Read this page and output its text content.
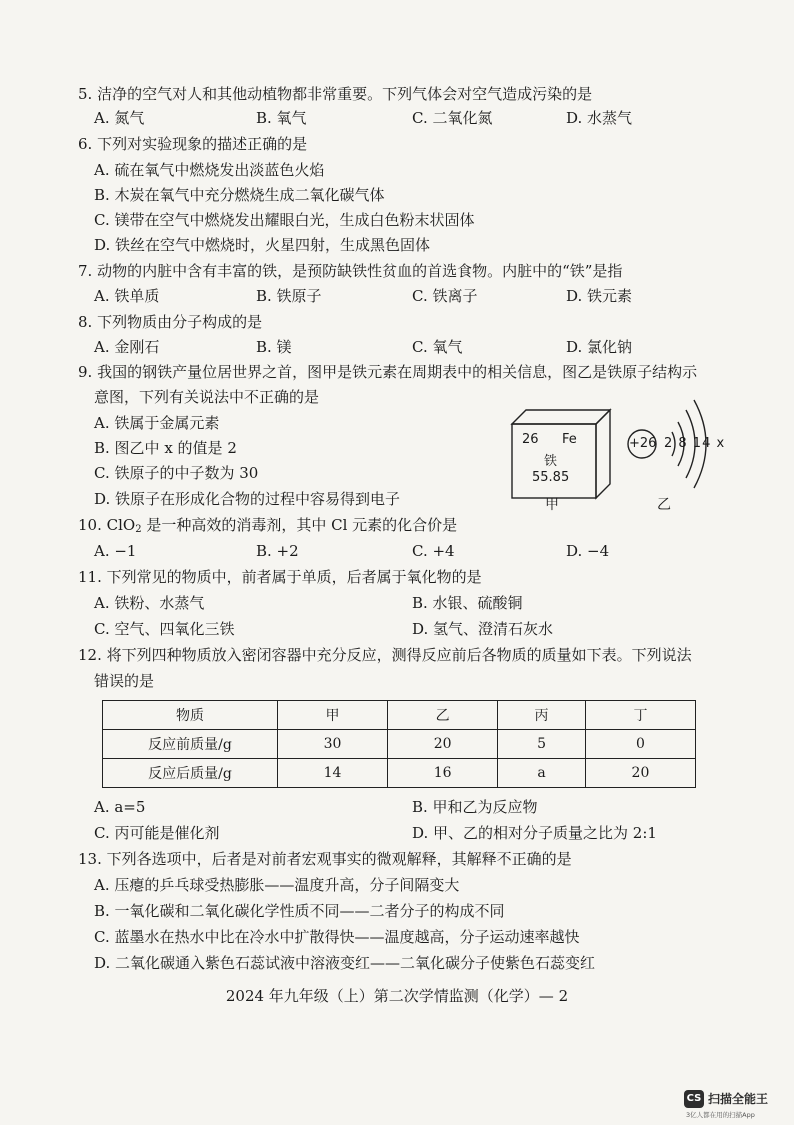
5. 洁净的空气对人和其他动植物都非常重要。下列气体会对空气造成污染的是
A. 氮气	B. 氧气	C. 二氧化氮	D. 水蒸气
6. 下列对实验现象的描述正确的是
A. 硫在氧气中燃烧发出淡蓝色火焰
B. 木炭在氧气中充分燃烧生成二氧化碳气体
C. 镁带在空气中燃烧发出耀眼白光，生成白色粉末状固体
D. 铁丝在空气中燃烧时，火星四射，生成黑色固体
7. 动物的内脏中含有丰富的铁，是预防缺铁性贫血的首选食物。内脏中的“铁”是指
A. 铁单质	B. 铁原子	C. 铁离子	D. 铁元素
8. 下列物质由分子构成的是
A. 金刚石	B. 镁	C. 氧气	D. 氯化钠
9. 我国的钢铁产量位居世界之首，图甲是铁元素在周期表中的相关信息，图乙是铁原子结构示
意图，下列有关说法中不正确的是
A. 铁属于金属元素
B. 图乙中 x 的值是 2
C. 铁原子的中子数为 30
D. 铁原子在形成化合物的过程中容易得到电子
26 Fe
铁
55.85
甲
+26 2 8 14 x
乙
10. ClO$_2$ 是一种高效的消毒剂，其中 Cl 元素的化合价是
A. −1	B. +2	C. +4	D. −4
11. 下列常见的物质中，前者属于单质，后者属于氧化物的是
A. 铁粉、水蒸气	B. 水银、硫酸铜
C. 空气、四氧化三铁	D. 氢气、澄清石灰水
12. 将下列四种物质放入密闭容器中充分反应，测得反应前后各物质的质量如下表。下列说法
错误的是
物质	甲	乙	丙	丁
反应前质量/g	30	20	5	0
反应后质量/g	14	16	a	20
A. a=5	B. 甲和乙为反应物
C. 丙可能是催化剂	D. 甲、乙的相对分子质量之比为 2:1
13. 下列各选项中，后者是对前者宏观事实的微观解释，其解释不正确的是
A. 压瘪的乒乓球受热膨胀——温度升高，分子间隔变大
B. 一氧化碳和二氧化碳化学性质不同——二者分子的构成不同
C. 蓝墨水在热水中比在冷水中扩散得快——温度越高，分子运动速率越快
D. 二氧化碳通入紫色石蕊试液中溶液变红——二氧化碳分子使紫色石蕊变红
2024 年九年级（上）第二次学情监测（化学）— 2
CS 扫描全能王
3亿人都在用的扫描App
